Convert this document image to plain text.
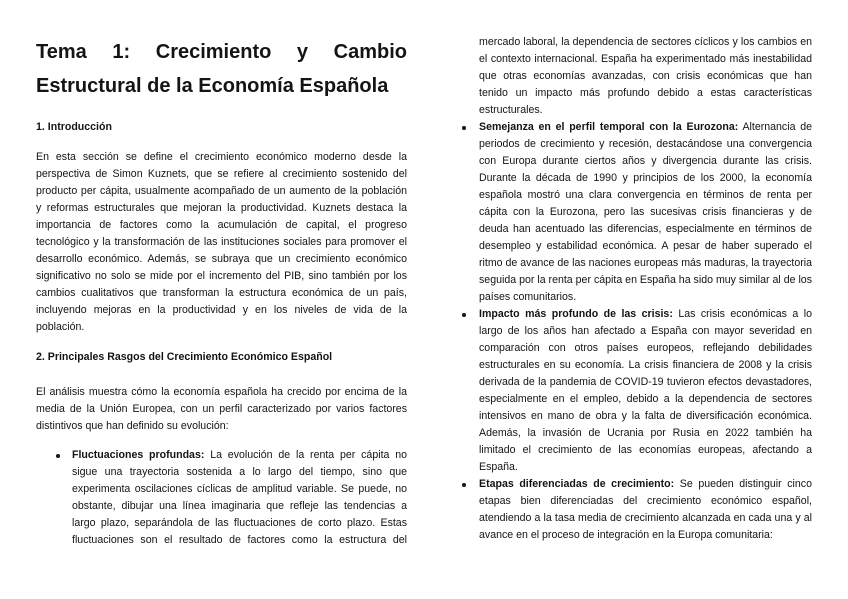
Tema 1: Crecimiento y Cambio Estructural de la Economía Española
1. Introducción

En esta sección se define el crecimiento económico moderno desde la perspectiva de Simon Kuznets, que se refiere al crecimiento sostenido del producto per cápita, usualmente acompañado de un aumento de la población y reformas estructurales que mejoran la productividad. Kuznets destaca la importancia de factores como la acumulación de capital, el progreso tecnológico y la transformación de las instituciones sociales para promover el desarrollo económico. Además, se subraya que un crecimiento económico significativo no solo se mide por el incremento del PIB, sino también por los cambios cualitativos que transforman la estructura económica de un país, incluyendo mejoras en la productividad y en los niveles de vida de la población.

2. Principales Rasgos del Crecimiento Económico Español

El análisis muestra cómo la economía española ha crecido por encima de la media de la Unión Europea, con un perfil caracterizado por varios factores distintivos que han definido su evolución:

Fluctuaciones profundas: La evolución de la renta per cápita no sigue una trayectoria sostenida a lo largo del tiempo, sino que experimenta oscilaciones cíclicas de amplitud variable. Se puede, no obstante, dibujar una línea imaginaria que refleje las tendencias a largo plazo, separándola de las fluctuaciones de corto plazo. Estas fluctuaciones son el resultado de factores como la estructura del

mercado laboral, la dependencia de sectores cíclicos y los cambios en el contexto internacional. España ha experimentado más inestabilidad que otras economías avanzadas, con crisis económicas que han tenido un impacto más profundo debido a estas características estructurales.

Semejanza en el perfil temporal con la Eurozona: Alternancia de periodos de crecimiento y recesión, destacándose una convergencia con Europa durante ciertos años y divergencia durante las crisis. Durante la década de 1990 y principios de los 2000, la economía española mostró una clara convergencia en términos de renta per cápita con la Eurozona, pero las sucesivas crisis financieras y de deuda han acentuado las diferencias, especialmente en términos de desempleo y estabilidad económica. A pesar de haber superado el ritmo de avance de las naciones europeas más maduras, la trayectoria seguida por la renta per cápita en España ha sido muy similar al de los países comunitarios.

Impacto más profundo de las crisis: Las crisis económicas a lo largo de los años han afectado a España con mayor severidad en comparación con otros países europeos, reflejando debilidades estructurales en su economía. La crisis financiera de 2008 y la crisis derivada de la pandemia de COVID-19 tuvieron efectos devastadores, especialmente en el empleo, debido a la dependencia de sectores intensivos en mano de obra y la falta de diversificación económica. Además, la invasión de Ucrania por Rusia en 2022 también ha limitado el crecimiento de las economías europeas, afectando a España.

Etapas diferenciadas de crecimiento: Se pueden distinguir cinco etapas bien diferenciadas del crecimiento económico español, atendiendo a la tasa media de crecimiento alcanzada en cada una y al avance en el proceso de integración en la Europa comunitaria:
